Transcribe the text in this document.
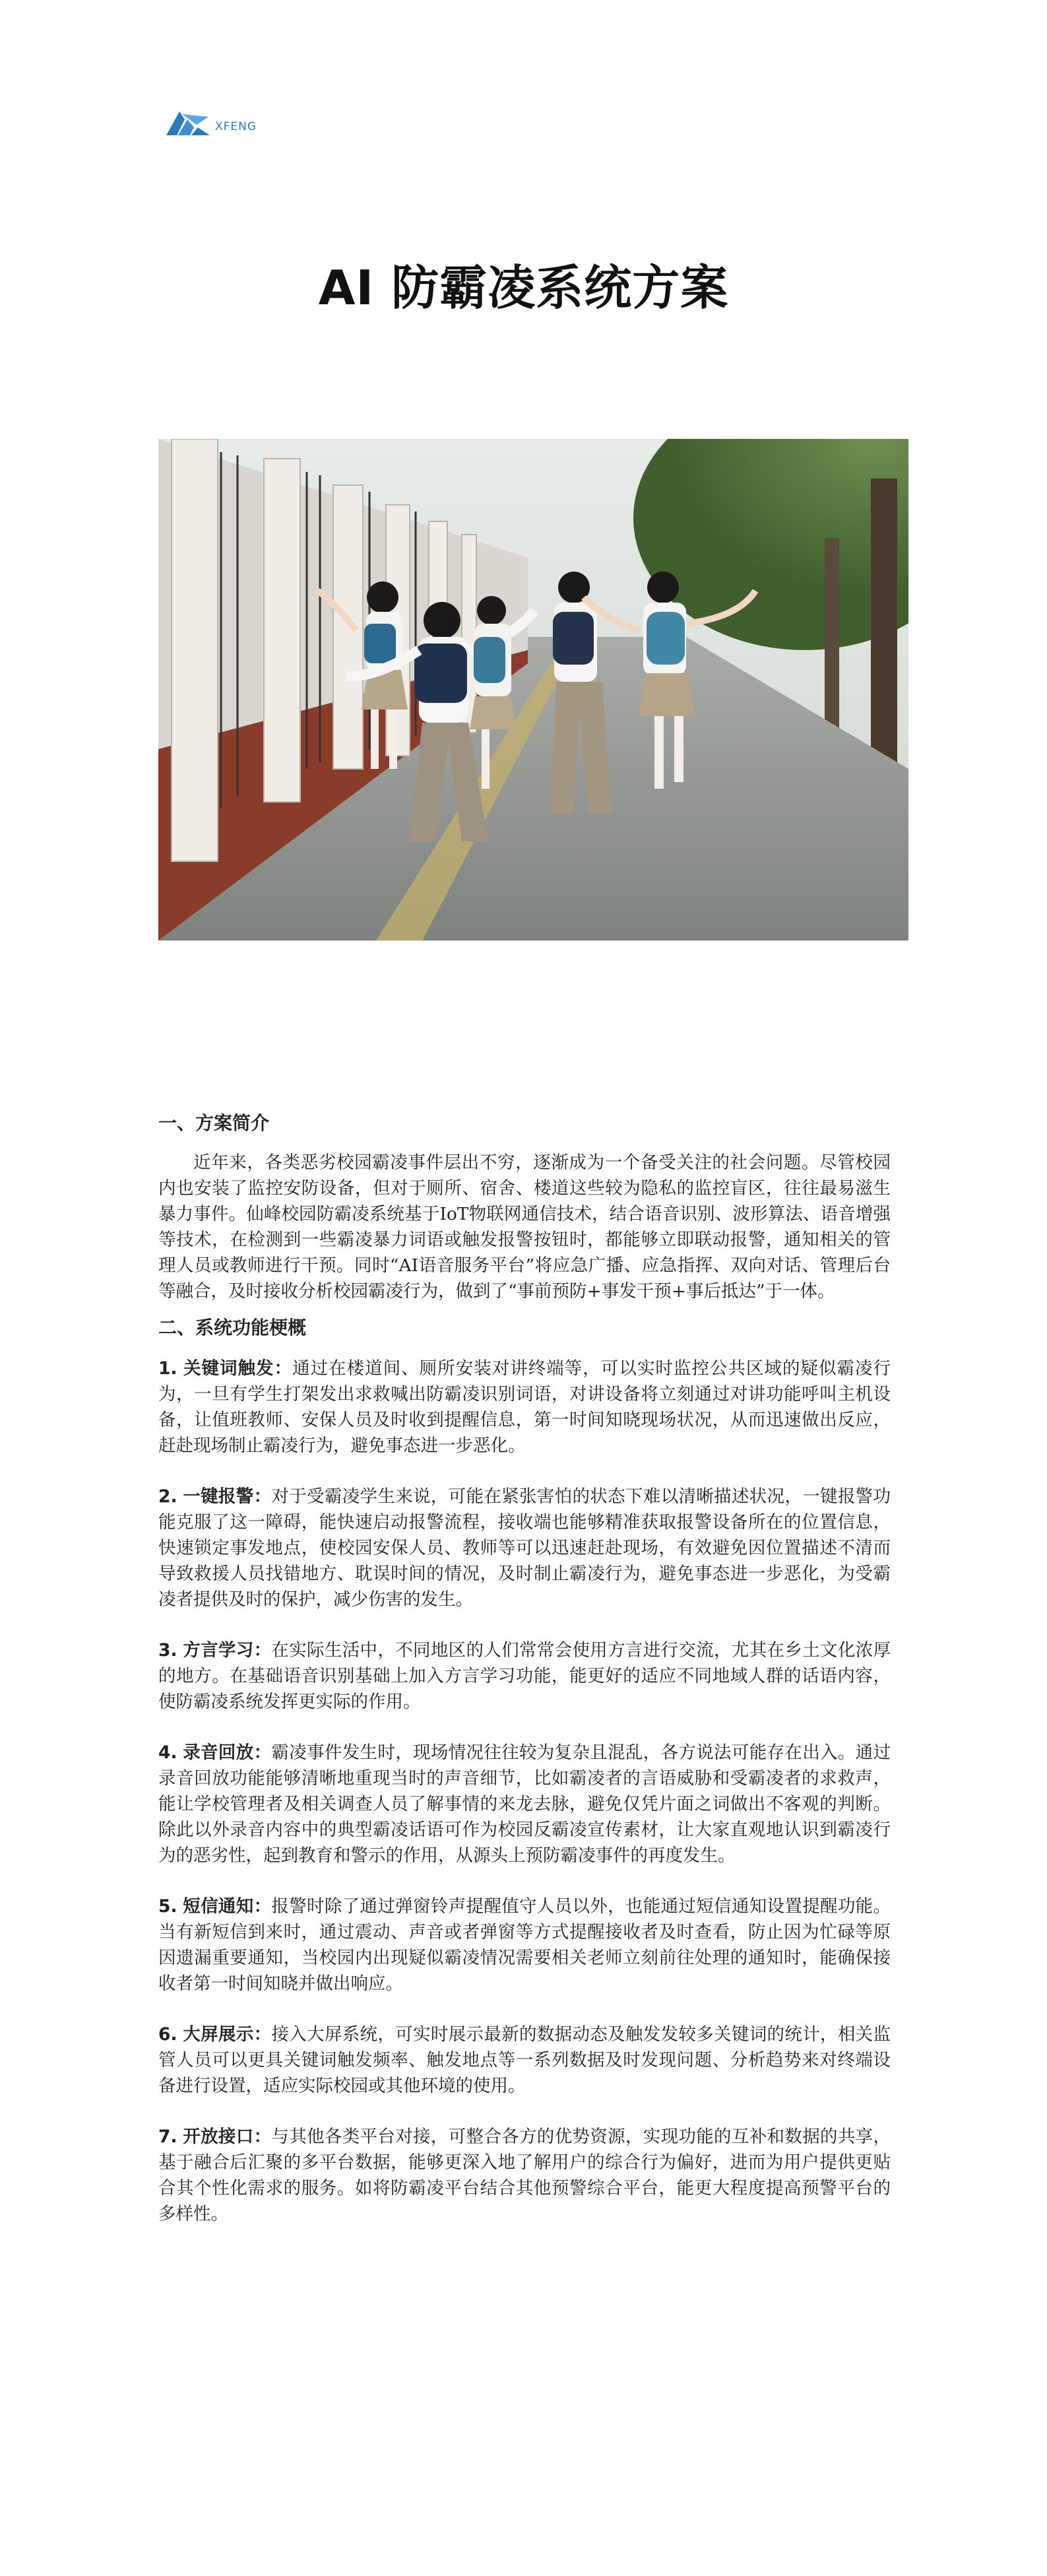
XFENG
AI 防霸凌系统方案
一、方案简介

近年来，各类恶劣校园霸凌事件层出不穷，逐渐成为一个备受关注的社会问题。尽管校园内也安装了监控安防设备，但对于厕所、宿舍、楼道这些较为隐私的监控盲区，往往最易滋生暴力事件。仙峰校园防霸凌系统基于IoT物联网通信技术，结合语音识别、波形算法、语音增强等技术，在检测到一些霸凌暴力词语或触发报警按钮时，都能够立即联动报警，通知相关的管理人员或教师进行干预。同时“AI语音服务平台”将应急广播、应急指挥、双向对话、管理后台等融合，及时接收分析校园霸凌行为，做到了“事前预防+事发干预+事后抵达”于一体。

二、系统功能梗概

1. 关键词触发：通过在楼道间、厕所安装对讲终端等，可以实时监控公共区域的疑似霸凌行为，一旦有学生打架发出求救喊出防霸凌识别词语，对讲设备将立刻通过对讲功能呼叫主机设备，让值班教师、安保人员及时收到提醒信息，第一时间知晓现场状况，从而迅速做出反应，赶赴现场制止霸凌行为，避免事态进一步恶化。

2. 一键报警：对于受霸凌学生来说，可能在紧张害怕的状态下难以清晰描述状况，一键报警功能克服了这一障碍，能快速启动报警流程，接收端也能够精准获取报警设备所在的位置信息，快速锁定事发地点，使校园安保人员、教师等可以迅速赶赴现场，有效避免因位置描述不清而导致救援人员找错地方、耽误时间的情况，及时制止霸凌行为，避免事态进一步恶化，为受霸凌者提供及时的保护，减少伤害的发生。

3. 方言学习：在实际生活中，不同地区的人们常常会使用方言进行交流，尤其在乡土文化浓厚的地方。在基础语音识别基础上加入方言学习功能，能更好的适应不同地域人群的话语内容，使防霸凌系统发挥更实际的作用。

4. 录音回放：霸凌事件发生时，现场情况往往较为复杂且混乱，各方说法可能存在出入。通过录音回放功能能够清晰地重现当时的声音细节，比如霸凌者的言语威胁和受霸凌者的求救声，能让学校管理者及相关调查人员了解事情的来龙去脉，避免仅凭片面之词做出不客观的判断。除此以外录音内容中的典型霸凌话语可作为校园反霸凌宣传素材，让大家直观地认识到霸凌行为的恶劣性，起到教育和警示的作用，从源头上预防霸凌事件的再度发生。

5. 短信通知：报警时除了通过弹窗铃声提醒值守人员以外，也能通过短信通知设置提醒功能。当有新短信到来时，通过震动、声音或者弹窗等方式提醒接收者及时查看，防止因为忙碌等原因遗漏重要通知，当校园内出现疑似霸凌情况需要相关老师立刻前往处理的通知时，能确保接收者第一时间知晓并做出响应。

6. 大屏展示：接入大屏系统，可实时展示最新的数据动态及触发发较多关键词的统计，相关监管人员可以更具关键词触发频率、触发地点等一系列数据及时发现问题、分析趋势来对终端设备进行设置，适应实际校园或其他环境的使用。

7. 开放接口：与其他各类平台对接，可整合各方的优势资源，实现功能的互补和数据的共享，基于融合后汇聚的多平台数据，能够更深入地了解用户的综合行为偏好，进而为用户提供更贴合其个性化需求的服务。如将防霸凌平台结合其他预警综合平台，能更大程度提高预警平台的多样性。
